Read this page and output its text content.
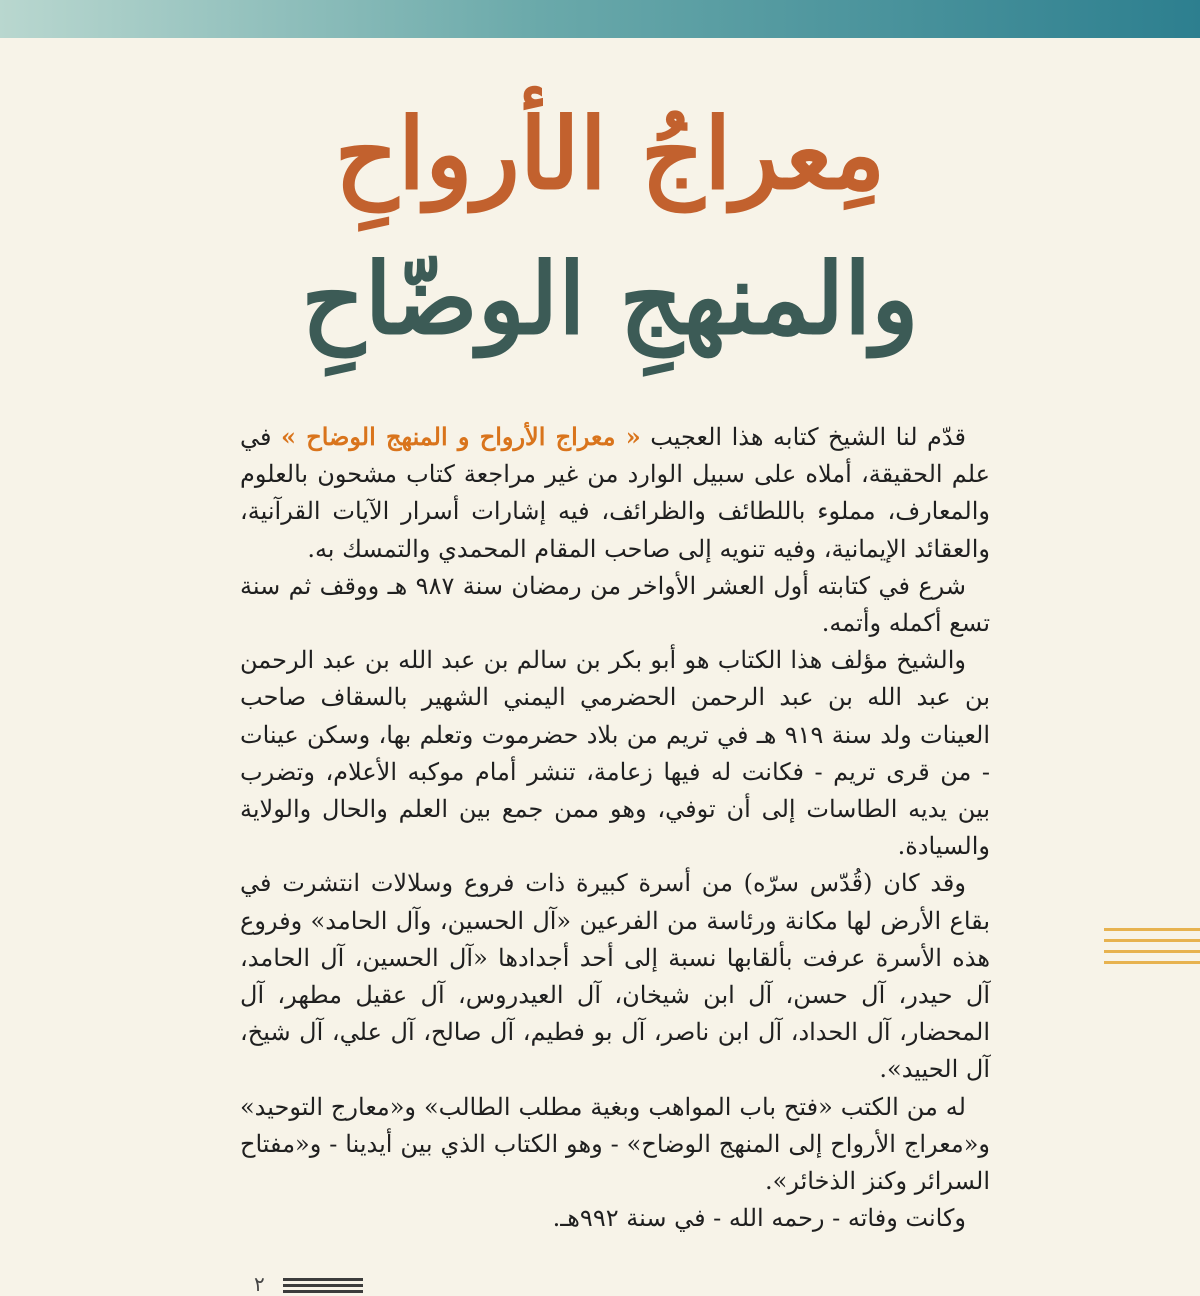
مِعراجُ الأرواحِ
والمنهجِ الوضّاحِ

قدّم لنا الشيخ كتابه هذا العجيب « معراج الأرواح و المنهج الوضاح » في علم الحقيقة، أملاه على سبيل الوارد من غير مراجعة كتاب مشحون بالعلوم والمعارف، مملوء باللطائف والظرائف، فيه إشارات أسرار الآيات القرآنية، والعقائد الإيمانية، وفيه تنويه إلى صاحب المقام المحمدي والتمسك به.

شرع في كتابته أول العشر الأواخر من رمضان سنة ٩٨٧ هـ ووقف ثم سنة تسع أكمله وأتمه.

والشيخ مؤلف هذا الكتاب هو أبو بكر بن سالم بن عبد الله بن عبد الرحمن بن عبد الله بن عبد الرحمن الحضرمي اليمني الشهير بالسقاف صاحب العينات ولد سنة ٩١٩ هـ في تريم من بلاد حضرموت وتعلم بها، وسكن عينات - من قرى تريم - فكانت له فيها زعامة، تنشر أمام موكبه الأعلام، وتضرب بين يديه الطاسات إلى أن توفي، وهو ممن جمع بين العلم والحال والولاية والسيادة.

وقد كان (قُدّس سرّه) من أسرة كبيرة ذات فروع وسلالات انتشرت في بقاع الأرض لها مكانة ورئاسة من الفرعين «آل الحسين، وآل الحامد» وفروع هذه الأسرة عرفت بألقابها نسبة إلى أحد أجدادها «آل الحسين، آل الحامد، آل حيدر، آل حسن، آل ابن شيخان، آل العيدروس، آل عقيل مطهر، آل المحضار، آل الحداد، آل ابن ناصر، آل بو فطيم، آل صالح، آل علي، آل شيخ، آل الحييد».

له من الكتب «فتح باب المواهب وبغية مطلب الطالب» و«معارج التوحيد» و«معراج الأرواح إلى المنهج الوضاح» - وهو الكتاب الذي بين أيدينا - و«مفتاح السرائر وكنز الذخائر».

وكانت وفاته - رحمه الله - في سنة ٩٩٢هـ.

٢
